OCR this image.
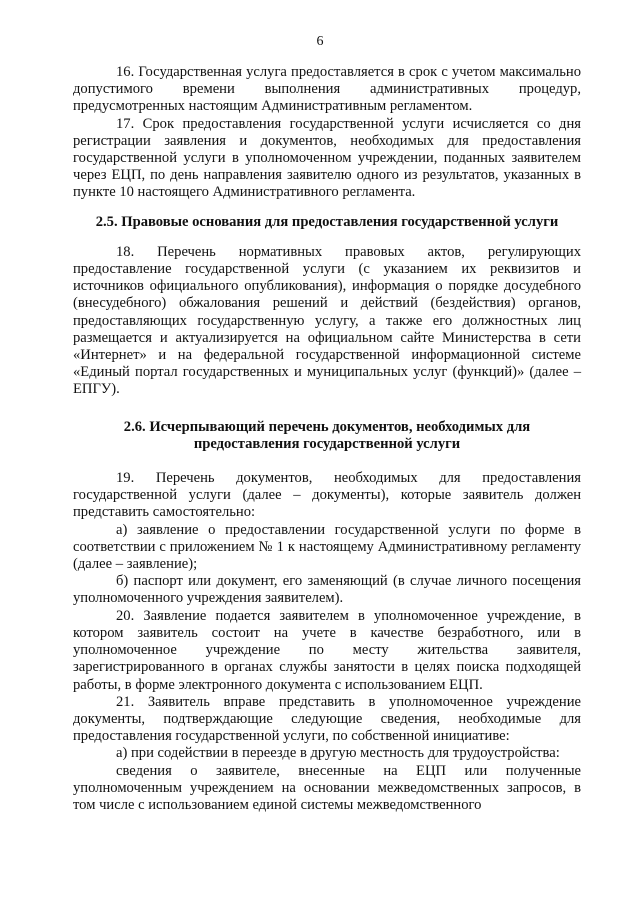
6

16. Государственная услуга предоставляется в срок с учетом максимально допустимого времени выполнения административных процедур, предусмотренных настоящим Административным регламентом.

17. Срок предоставления государственной услуги исчисляется со дня регистрации заявления и документов, необходимых для предоставления государственной услуги в уполномоченном учреждении, поданных заявителем через ЕЦП, по день направления заявителю одного из результатов, указанных в пункте 10 настоящего Административного регламента.

2.5. Правовые основания для предоставления государственной услуги

18. Перечень нормативных правовых актов, регулирующих предоставление государственной услуги (с указанием их реквизитов и источников официального опубликования), информация о порядке досудебного (внесудебного) обжалования решений и действий (бездействия) органов, предоставляющих государственную услугу, а также его должностных лиц размещается и актуализируется на официальном сайте Министерства в сети «Интернет» и на федеральной государственной информационной системе «Единый портал государственных и муниципальных услуг (функций)» (далее – ЕПГУ).

2.6. Исчерпывающий перечень документов, необходимых для предоставления государственной услуги

19. Перечень документов, необходимых для предоставления государственной услуги (далее – документы), которые заявитель должен представить самостоятельно:

а) заявление о предоставлении государственной услуги по форме в соответствии с приложением № 1 к настоящему Административному регламенту (далее – заявление);

б) паспорт или документ, его заменяющий (в случае личного посещения уполномоченного учреждения заявителем).

20. Заявление подается заявителем в уполномоченное учреждение, в котором заявитель состоит на учете в качестве безработного, или в уполномоченное учреждение по месту жительства заявителя, зарегистрированного в органах службы занятости в целях поиска подходящей работы, в форме электронного документа с использованием ЕЦП.

21. Заявитель вправе представить в уполномоченное учреждение документы, подтверждающие следующие сведения, необходимые для предоставления государственной услуги, по собственной инициативе:

а) при содействии в переезде в другую местность для трудоустройства:

сведения о заявителе, внесенные на ЕЦП или полученные уполномоченным учреждением на основании межведомственных запросов, в том числе с использованием единой системы межведомственного
